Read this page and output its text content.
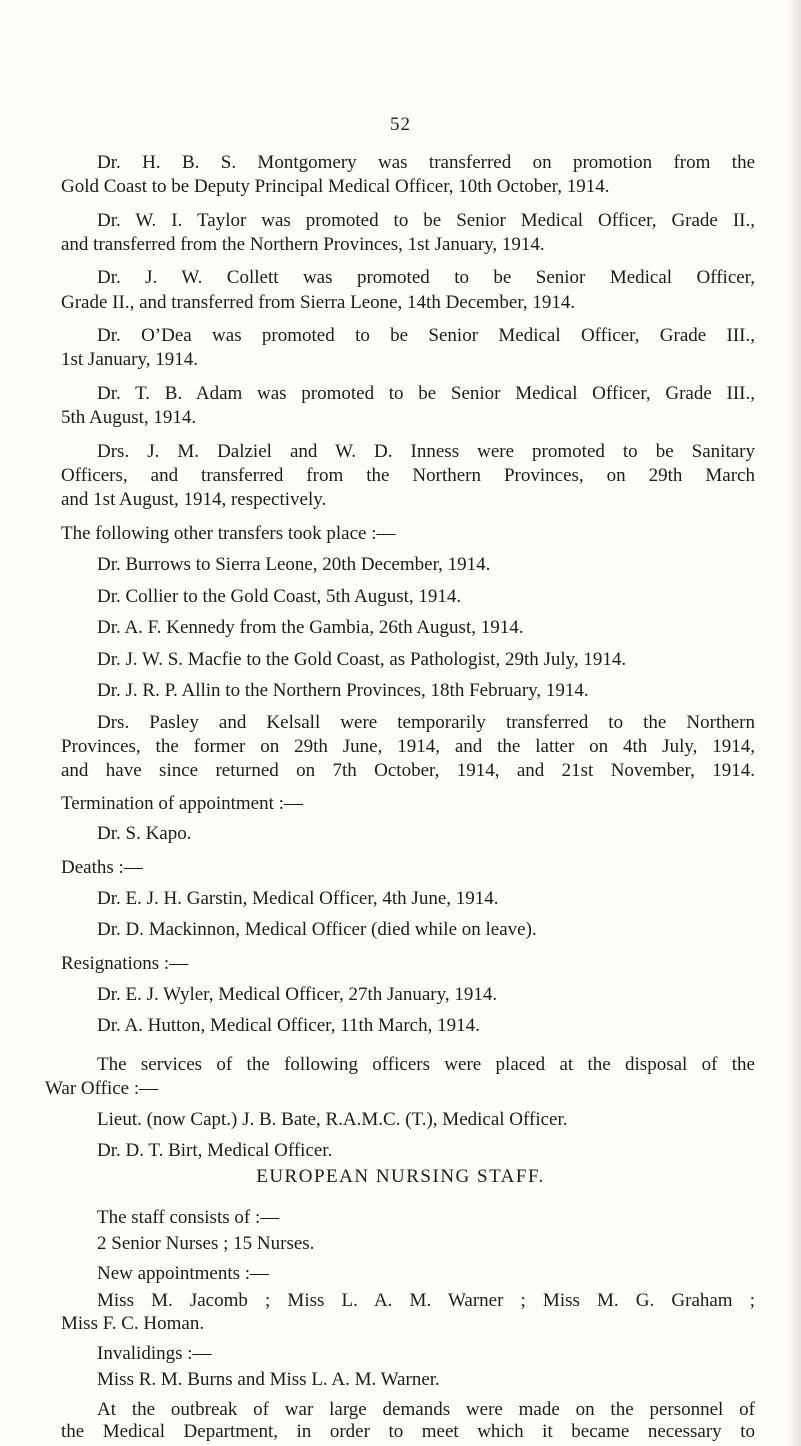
52
Dr. H. B. S. Montgomery was transferred on promotion from the
Gold Coast to be Deputy Principal Medical Officer, 10th October, 1914.
Dr. W. I. Taylor was promoted to be Senior Medical Officer, Grade II.,
and transferred from the Northern Provinces, 1st January, 1914.
Dr. J. W. Collett was promoted to be Senior Medical Officer,
Grade II., and transferred from Sierra Leone, 14th December, 1914.
Dr. O’Dea was promoted to be Senior Medical Officer, Grade III.,
1st January, 1914.
Dr. T. B. Adam was promoted to be Senior Medical Officer, Grade III.,
5th August, 1914.
Drs. J. M. Dalziel and W. D. Inness were promoted to be Sanitary
Officers, and transferred from the Northern Provinces, on 29th March
and 1st August, 1914, respectively.
The following other transfers took place :—
Dr. Burrows to Sierra Leone, 20th December, 1914.
Dr. Collier to the Gold Coast, 5th August, 1914.
Dr. A. F. Kennedy from the Gambia, 26th August, 1914.
Dr. J. W. S. Macfie to the Gold Coast, as Pathologist, 29th July, 1914.
Dr. J. R. P. Allin to the Northern Provinces, 18th February, 1914.
Drs. Pasley and Kelsall were temporarily transferred to the Northern
Provinces, the former on 29th June, 1914, and the latter on 4th July, 1914,
and have since returned on 7th October, 1914, and 21st November, 1914.
Termination of appointment :—
Dr. S. Kapo.
Deaths :—
Dr. E. J. H. Garstin, Medical Officer, 4th June, 1914.
Dr. D. Mackinnon, Medical Officer (died while on leave).
Resignations :—
Dr. E. J. Wyler, Medical Officer, 27th January, 1914.
Dr. A. Hutton, Medical Officer, 11th March, 1914.
The services of the following officers were placed at the disposal of the
War Office :—
Lieut. (now Capt.) J. B. Bate, R.A.M.C. (T.), Medical Officer.
Dr. D. T. Birt, Medical Officer.
EUROPEAN NURSING STAFF.
The staff consists of :—
2 Senior Nurses ; 15 Nurses.
New appointments :—
Miss M. Jacomb ; Miss L. A. M. Warner ; Miss M. G. Graham ;
Miss F. C. Homan.
Invalidings :—
Miss R. M. Burns and Miss L. A. M. Warner.
At the outbreak of war large demands were made on the personnel of
the Medical Department, in order to meet which it became necessary to
